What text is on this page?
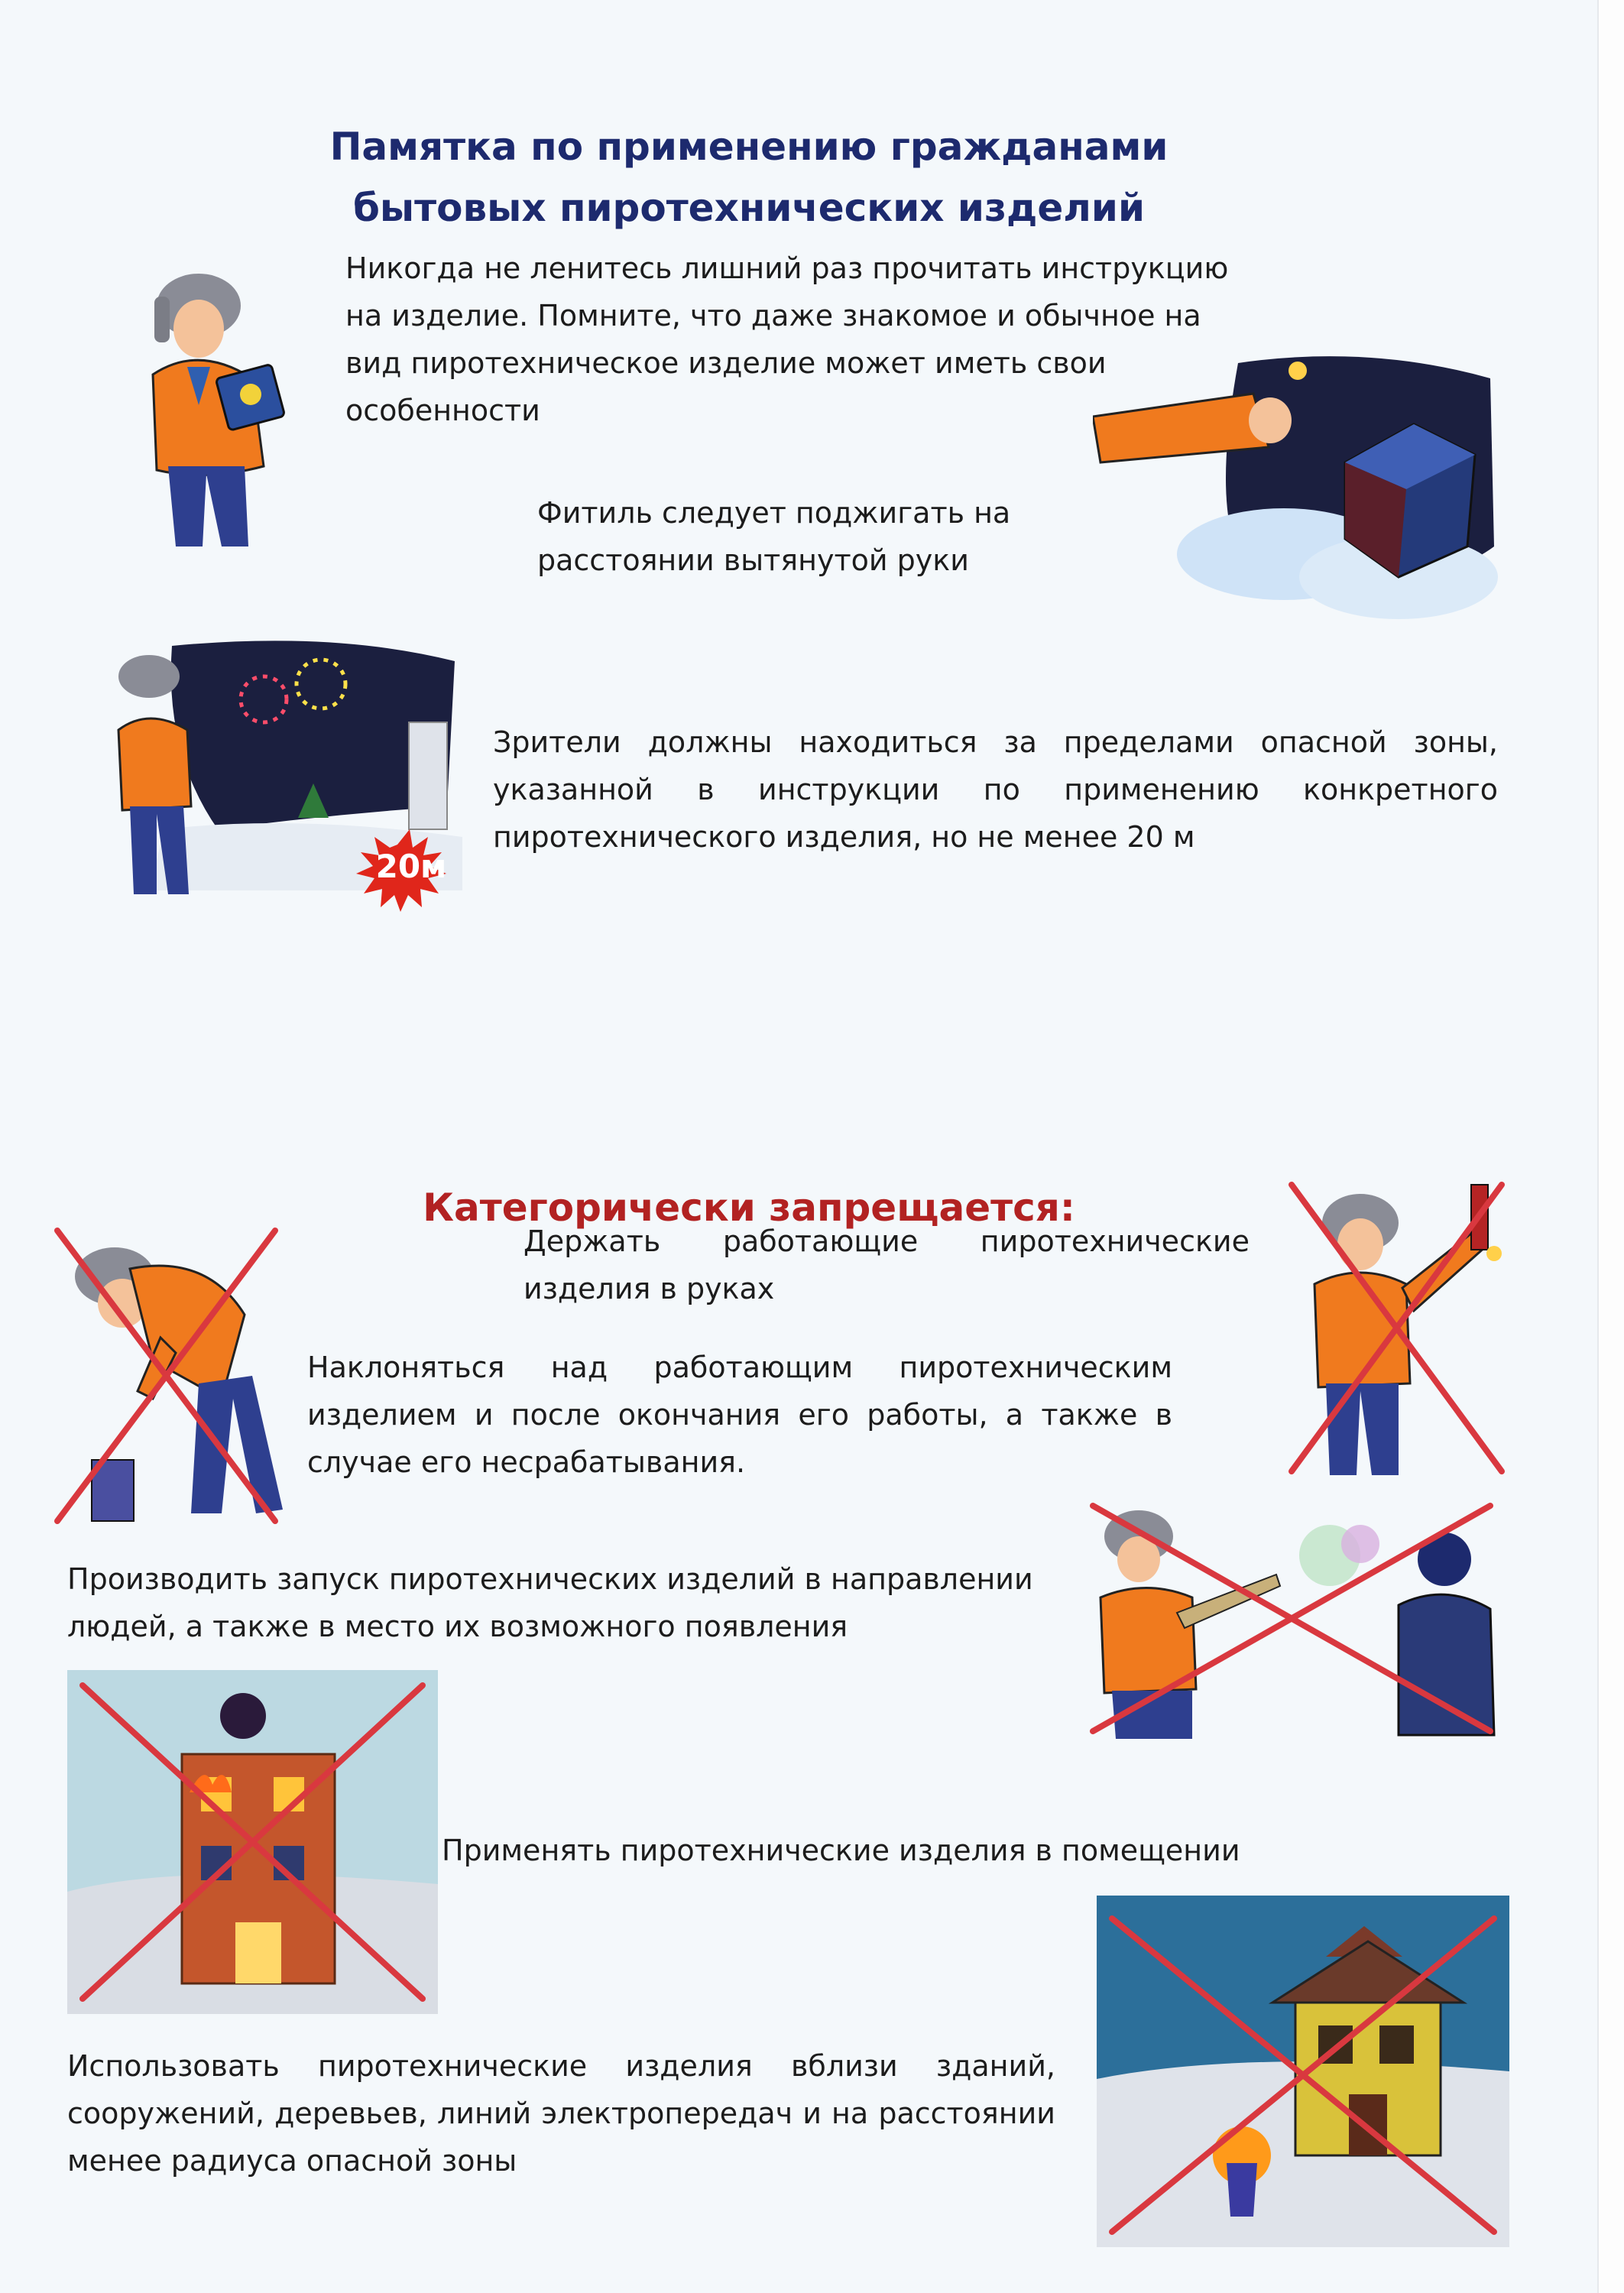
Памятка по применению гражданами
бытовых пиротехнических изделий

Никогда не ленитесь лишний раз прочитать инструкцию на изделие. Помните, что даже знакомое и обычное на вид пиротехническое изделие может иметь свои особенности

Фитиль следует поджигать на расстоянии вытянутой руки

20м

Зрители должны находиться за пределами опасной зоны, указанной в инструкции по применению конкретного пиротехнического изделия, но не менее 20 м

Категорически запрещается:

Держать работающие пиротехнические изделия в руках

Наклоняться над работающим пиротехническим изделием и после окончания его работы, а также в случае его несрабатывания.

Производить запуск пиротехнических изделий в направлении людей, а также в место их возможного появления

Применять пиротехнические изделия в помещении

Использовать пиротехнические изделия вблизи зданий, сооружений, деревьев, линий электропередач и на расстоянии менее радиуса опасной зоны
